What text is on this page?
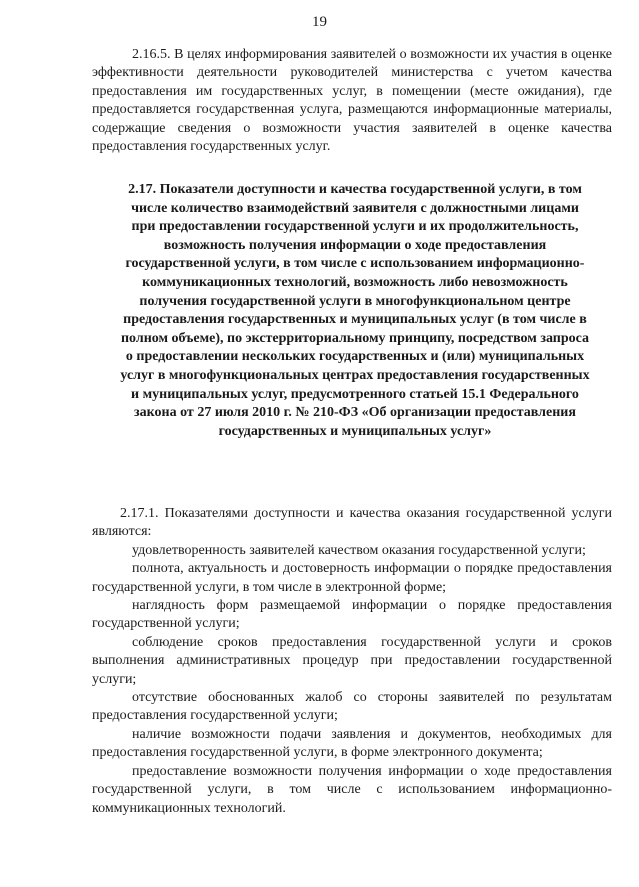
19

2.16.5. В целях информирования заявителей о возможности их участия в оценке эффективности деятельности руководителей министерства с учетом качества предоставления им государственных услуг, в помещении (месте ожидания), где предоставляется государственная услуга, размещаются информационные материалы, содержащие сведения о возможности участия заявителей в оценке качества предоставления государственных услуг.

2.17. Показатели доступности и качества государственной услуги, в том числе количество взаимодействий заявителя с должностными лицами при предоставлении государственной услуги и их продолжительность, возможность получения информации о ходе предоставления государственной услуги, в том числе с использованием информационно-коммуникационных технологий, возможность либо невозможность получения государственной услуги в многофункциональном центре предоставления государственных и муниципальных услуг (в том числе в полном объеме), по экстерриториальному принципу, посредством запроса о предоставлении нескольких государственных и (или) муниципальных услуг в многофункциональных центрах предоставления государственных и муниципальных услуг, предусмотренного статьей 15.1 Федерального закона от 27 июля 2010 г. № 210-ФЗ «Об организации предоставления государственных и муниципальных услуг»

2.17.1. Показателями доступности и качества оказания государственной услуги являются:

удовлетворенность заявителей качеством оказания государственной услуги;

полнота, актуальность и достоверность информации о порядке предоставления государственной услуги, в том числе в электронной форме;

наглядность форм размещаемой информации о порядке предоставления государственной услуги;

соблюдение сроков предоставления государственной услуги и сроков выполнения административных процедур при предоставлении государственной услуги;

отсутствие обоснованных жалоб со стороны заявителей по результатам предоставления государственной услуги;

наличие возможности подачи заявления и документов, необходимых для предоставления государственной услуги, в форме электронного документа;

предоставление возможности получения информации о ходе предоставления государственной услуги, в том числе с использованием информационно-коммуникационных технологий.
